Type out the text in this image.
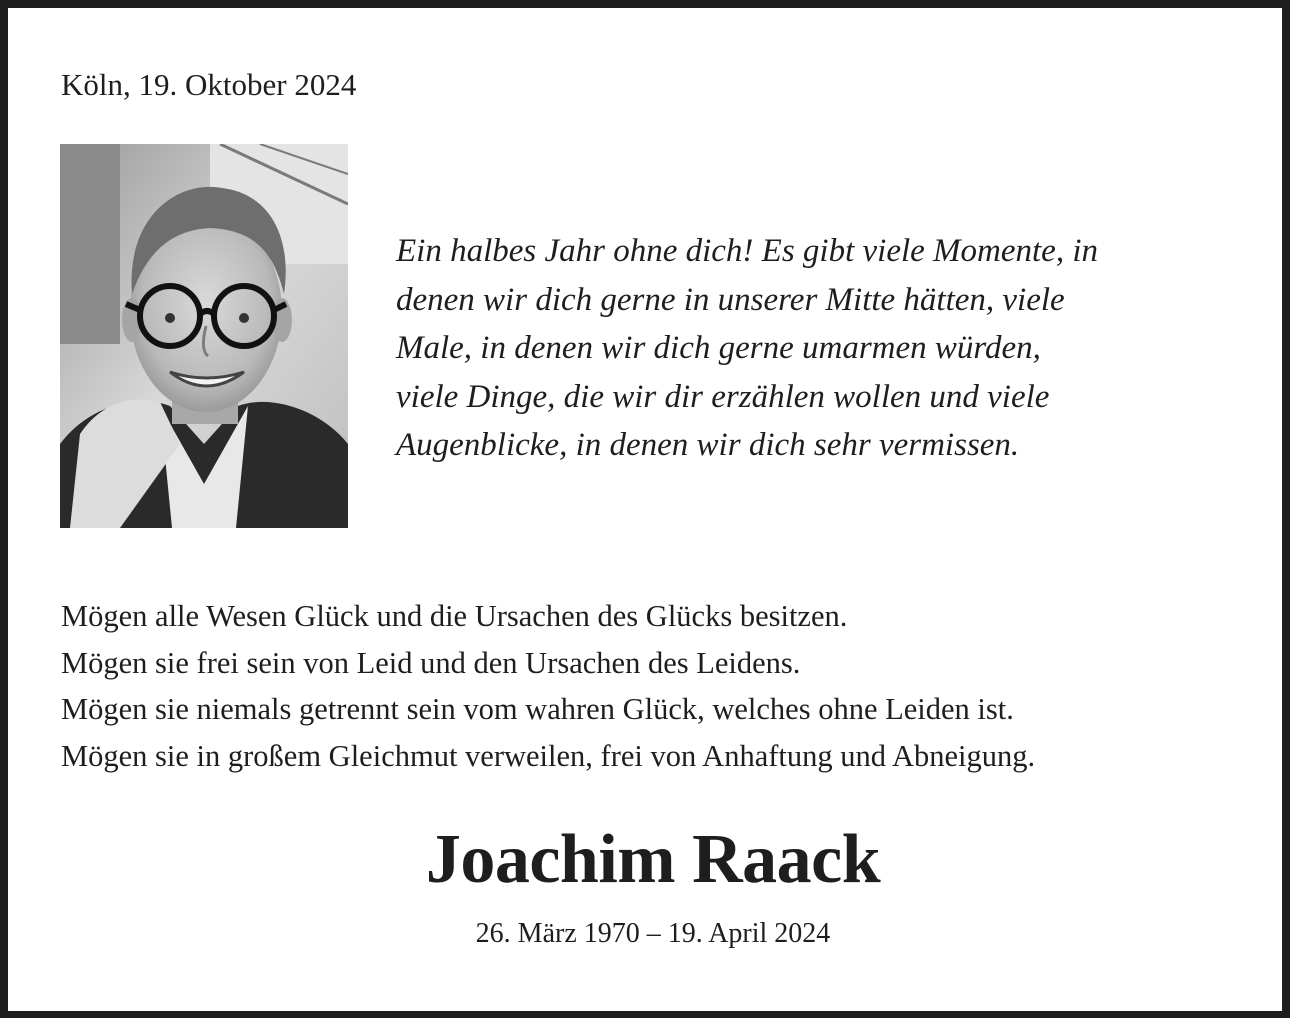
Köln, 19. Oktober 2024
Ein halbes Jahr ohne dich! Es gibt viele Momente, in
denen wir dich gerne in unserer Mitte hätten, viele
Male, in denen wir dich gerne umarmen würden,
viele Dinge, die wir dir erzählen wollen und viele
Augenblicke, in denen wir dich sehr vermissen.
Mögen alle Wesen Glück und die Ursachen des Glücks besitzen.
Mögen sie frei sein von Leid und den Ursachen des Leidens.
Mögen sie niemals getrennt sein vom wahren Glück, welches ohne Leiden ist.
Mögen sie in großem Gleichmut verweilen, frei von Anhaftung und Abneigung.
Joachim Raack
26. März 1970 – 19. April 2024
